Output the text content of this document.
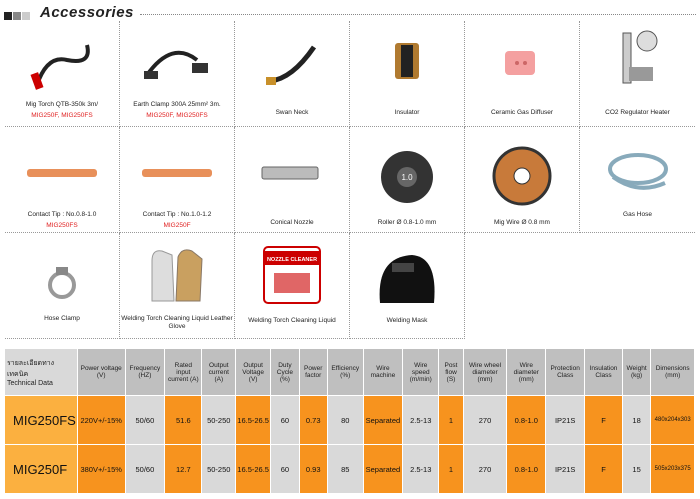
Accessories
Mig Torch QTB-350k 3m/
MIG250F, MIG250FS
Earth Clamp 300A 25mm² 3m.
MIG250F, MIG250FS	Swan Neck	Insulator	Ceramic Gas Diffuser	CO2 Regulator Heater
Contact Tip : No.0.8-1.0
MIG250FS
Contact Tip : No.1.0-1.2
MIG250F	Conical Nozzle
1.0
Roller Ø 0.8-1.0 mm	Mig Wire Ø 0.8 mm
Gas Hose
Hose Clamp	Welding Torch Cleaning Liquid Leather Glove
NOZZLE CLEANER
Welding Torch Cleaning Liquid	Welding Mask
รายละเอียดทางเทคนิค
Technical Data	Power voltage (V)	Frequency (HZ)	Rated input current (A)	Output current (A)	Output Voltage (V)	Duty Cycle (%)	Power factor	Efficiency (%)	Wire machine	Wire speed (m/min)	Post flow (S)	Wire wheel diameter (mm)	Wire diameter (mm)	Protection Class	Insulation Class	Weight (kg)	Dimensions (mm)
MIG250FS	220V+/-15%	50/60	51.6	50-250	16.5-26.5	60	0.73	80	Separated	2.5-13	1	270	0.8-1.0	IP21S	F	18	480x204x303
MIG250F	380V+/-15%	50/60	12.7	50-250	16.5-26.5	60	0.93	85	Separated	2.5-13	1	270	0.8-1.0	IP21S	F	15	505x203x375
